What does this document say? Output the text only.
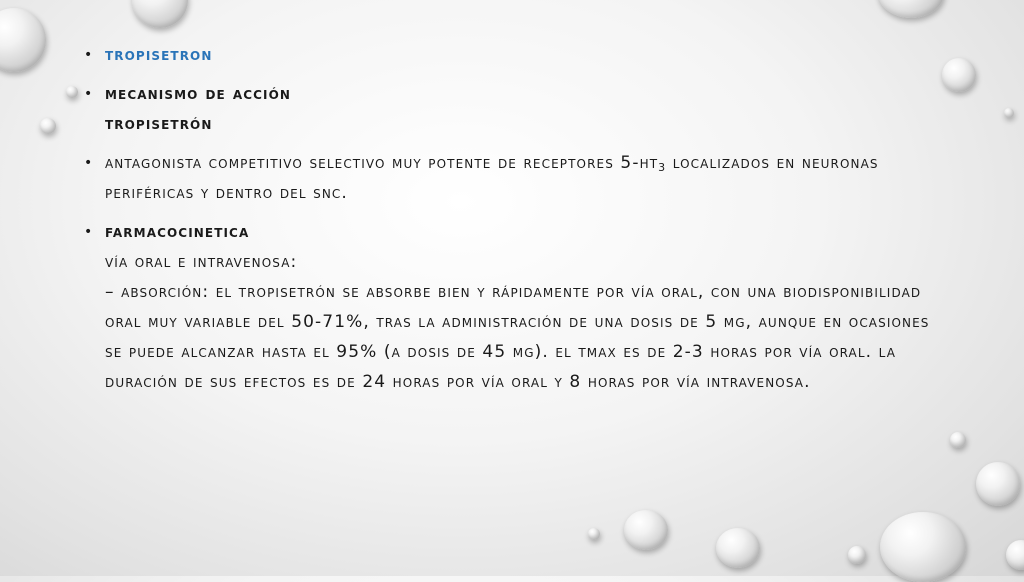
• tropisetron
• mecanismo de acción
tropisetrón
• antagonista competitivo selectivo muy potente de receptores $5-ht_3$ localizados en neuronas periféricas y dentro del snc.
• farmacocinetica
vía oral e intravenosa:
– absorción: el tropisetrón se absorbe bien y rápidamente por vía oral, con una biodisponibilidad oral muy variable del 50-71%, tras la administración de una dosis de 5 mg, aunque en ocasiones se puede alcanzar hasta el 95% (a dosis de 45 mg). el tmax es de 2-3 horas por vía oral. la duración de sus efectos es de 24 horas por vía oral y 8 horas por vía intravenosa.
